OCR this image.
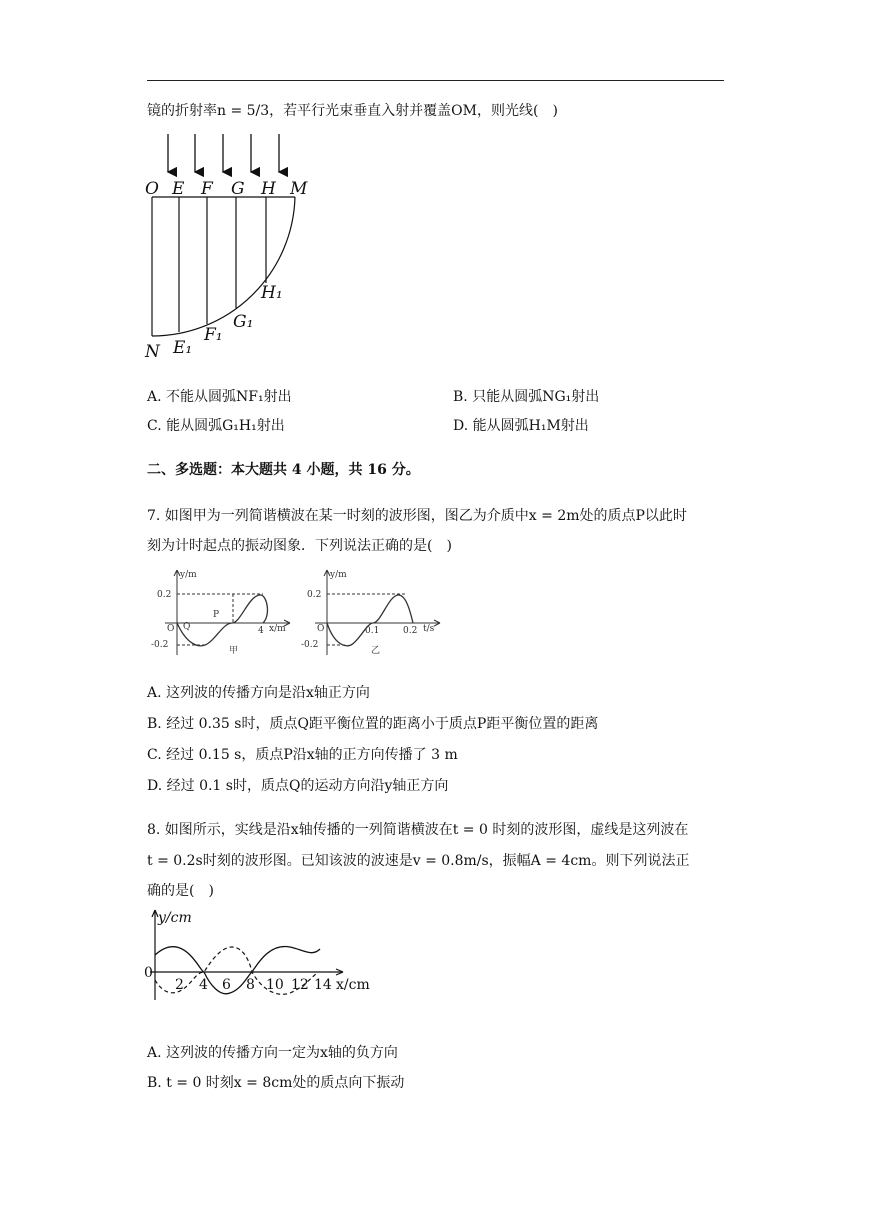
镜的折射率n = 5/3，若平行光束垂直入射并覆盖OM，则光线(　)
O E F G H M
N E₁
F₁
G₁
H₁
A. 不能从圆弧NF₁射出	B. 只能从圆弧NG₁射出
C. 能从圆弧G₁H₁射出	D. 能从圆弧H₁M射出
二、多选题：本大题共 4 小题，共 16 分。
7. 如图甲为一列简谐横波在某一时刻的波形图，图乙为介质中x = 2m处的质点P以此时
刻为计时起点的振动图象．下列说法正确的是(　)
y/m
x/m
O
0.2
-0.2
4
P
Q
甲
y/m
t/s
O
0.2
-0.2
0.1	0.2
乙
A. 这列波的传播方向是沿x轴正方向
B. 经过 0.35 s时，质点Q距平衡位置的距离小于质点P距平衡位置的距离
C. 经过 0.15 s，质点P沿x轴的正方向传播了 3 m
D. 经过 0.1 s时，质点Q的运动方向沿y轴正方向
8. 如图所示，实线是沿x轴传播的一列简谐横波在t = 0 时刻的波形图，虚线是这列波在
t = 0.2s时刻的波形图。已知该波的波速是v = 0.8m/s，振幅A = 4cm。则下列说法正
确的是(　)
y/cm
0
x/cm
2 4 6 8 10 12 14
A. 这列波的传播方向一定为x轴的负方向
B. t = 0 时刻x = 8cm处的质点向下振动
